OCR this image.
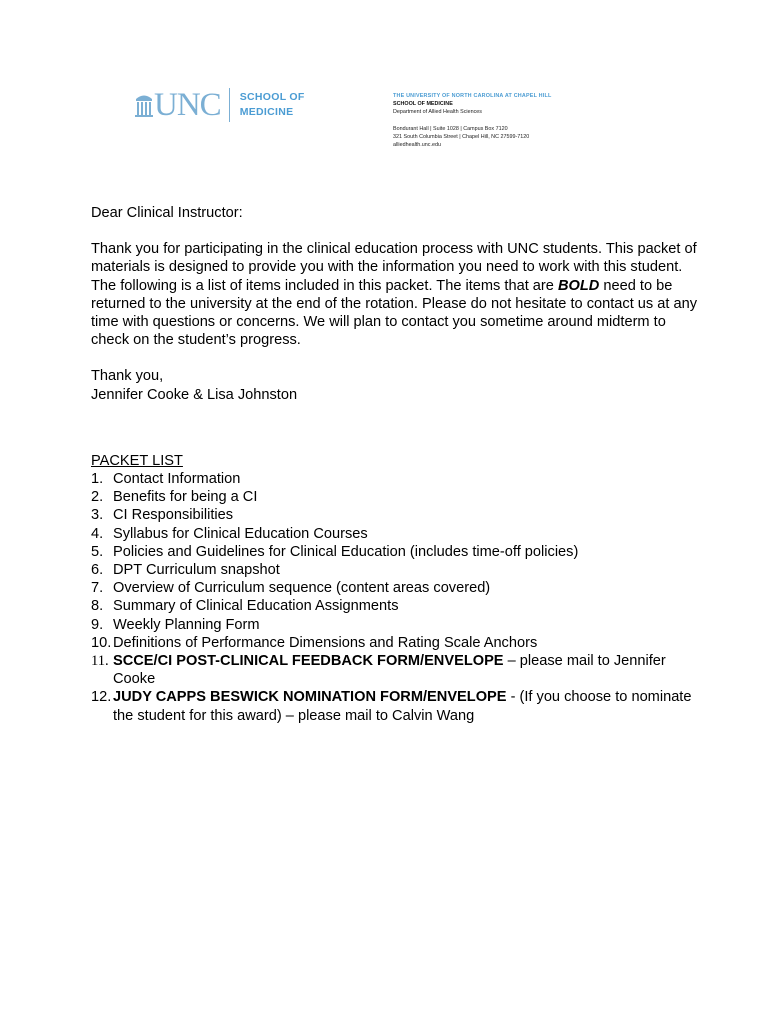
UNC SCHOOL OF
MEDICINE
THE UNIVERSITY OF NORTH CAROLINA AT CHAPEL HILL
SCHOOL OF MEDICINE
Department of Allied Health Sciences
Bondurant Hall | Suite 1028 | Campus Box 7120
321 South Columbia Street | Chapel Hill, NC 27599-7120
alliedhealth.unc.edu

Dear Clinical Instructor:

Thank you for participating in the clinical education process with UNC students. This packet of materials is designed to provide you with the information you need to work with this student. The following is a list of items included in this packet. The items that are BOLD need to be returned to the university at the end of the rotation. Please do not hesitate to contact us at any time with questions or concerns. We will plan to contact you sometime around midterm to check on the student’s progress.

Thank you,
Jennifer Cooke & Lisa Johnston
PACKET LIST
1. Contact Information
2. Benefits for being a CI
3. CI Responsibilities
4. Syllabus for Clinical Education Courses
5. Policies and Guidelines for Clinical Education (includes time-off policies)
6. DPT Curriculum snapshot
7. Overview of Curriculum sequence (content areas covered)
8. Summary of Clinical Education Assignments
9. Weekly Planning Form
10. Definitions of Performance Dimensions and Rating Scale Anchors
11. SCCE/CI POST-CLINICAL FEEDBACK FORM/ENVELOPE – please mail to Jennifer Cooke
12. JUDY CAPPS BESWICK NOMINATION FORM/ENVELOPE - (If you choose to nominate the student for this award) – please mail to Calvin Wang
